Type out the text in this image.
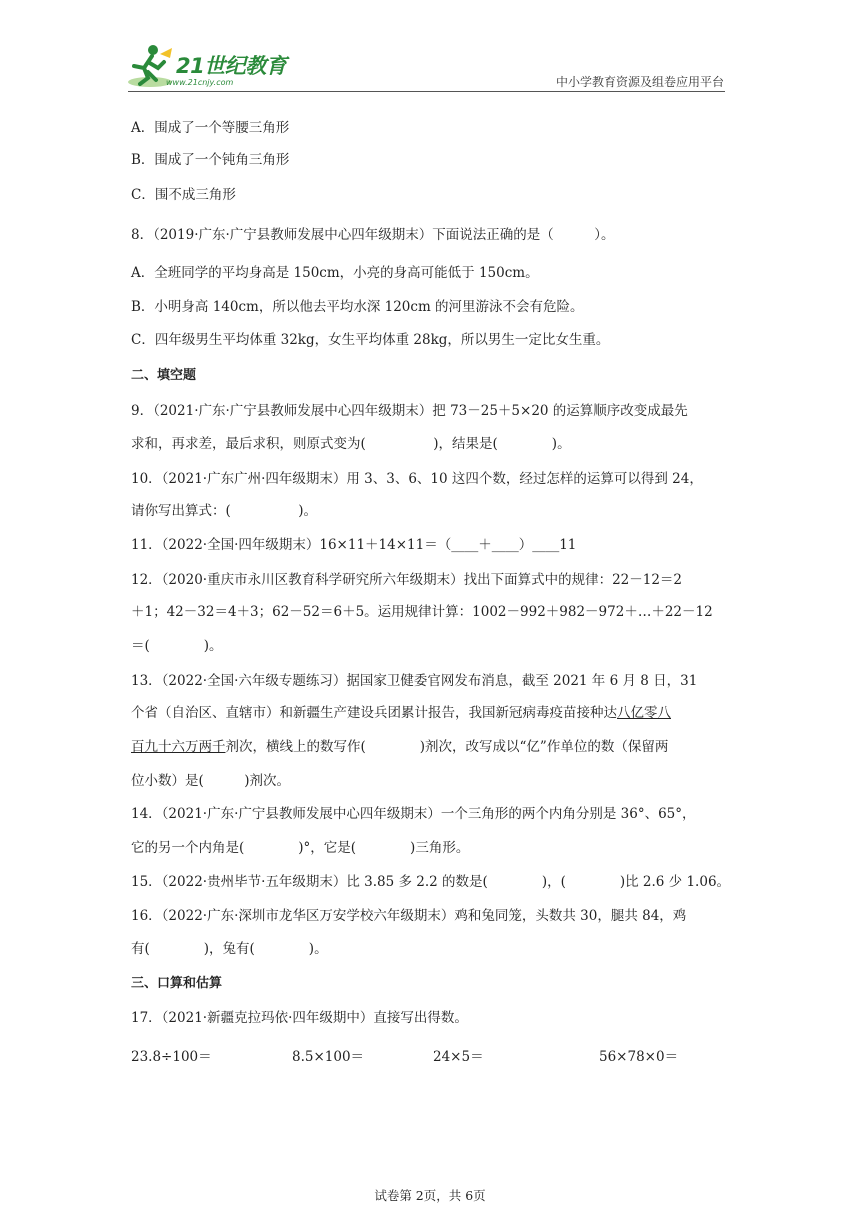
21世纪教育
www.21cnjy.com	中小学教育资源及组卷应用平台
A．围成了一个等腰三角形
B．围成了一个钝角三角形
C．围不成三角形
8．（2019·广东·广宁县教师发展中心四年级期末）下面说法正确的是（　　　）。
A．全班同学的平均身高是 150cm，小亮的身高可能低于 150cm。
B．小明身高 140cm，所以他去平均水深 120cm 的河里游泳不会有危险。
C．四年级男生平均体重 32kg，女生平均体重 28kg，所以男生一定比女生重。
二、填空题
9．（2021·广东·广宁县教师发展中心四年级期末）把 73－25＋5×20 的运算顺序改变成最先
求和，再求差，最后求积，则原式变为(　　　　　)，结果是(　　　　)。
10．（2021·广东广州·四年级期末）用 3、3、6、10 这四个数，经过怎样的运算可以得到 24，
请你写出算式：(　　　　　)。
11．（2022·全国·四年级期末）16×11＋14×11＝（____＋____）____11
12．（2020·重庆市永川区教育科学研究所六年级期末）找出下面算式中的规律：22－12＝2
＋1；42－32＝4＋3；62－52＝6＋5。运用规律计算：1002－992＋982－972＋…＋22－12
＝(　　　　)。
13．（2022·全国·六年级专题练习）据国家卫健委官网发布消息，截至 2021 年 6 月 8 日，31
个省（自治区、直辖市）和新疆生产建设兵团累计报告，我国新冠病毒疫苗接种达八亿零八
百九十六万两千剂次，横线上的数写作(　　　　)剂次，改写成以“亿”作单位的数（保留两
位小数）是(　　　)剂次。
14．（2021·广东·广宁县教师发展中心四年级期末）一个三角形的两个内角分别是 36°、65°，
它的另一个内角是(　　　　)°，它是(　　　　)三角形。
15．（2022·贵州毕节·五年级期末）比 3.85 多 2.2 的数是(　　　　)，(　　　　)比 2.6 少 1.06。
16．（2022·广东·深圳市龙华区万安学校六年级期末）鸡和兔同笼，头数共 30，腿共 84，鸡
有(　　　　)，兔有(　　　　)。
三、口算和估算
17．（2021·新疆克拉玛依·四年级期中）直接写出得数。
23.8÷100＝	8.5×100＝	24×5＝	56×78×0＝
试卷第 2页，共 6页
